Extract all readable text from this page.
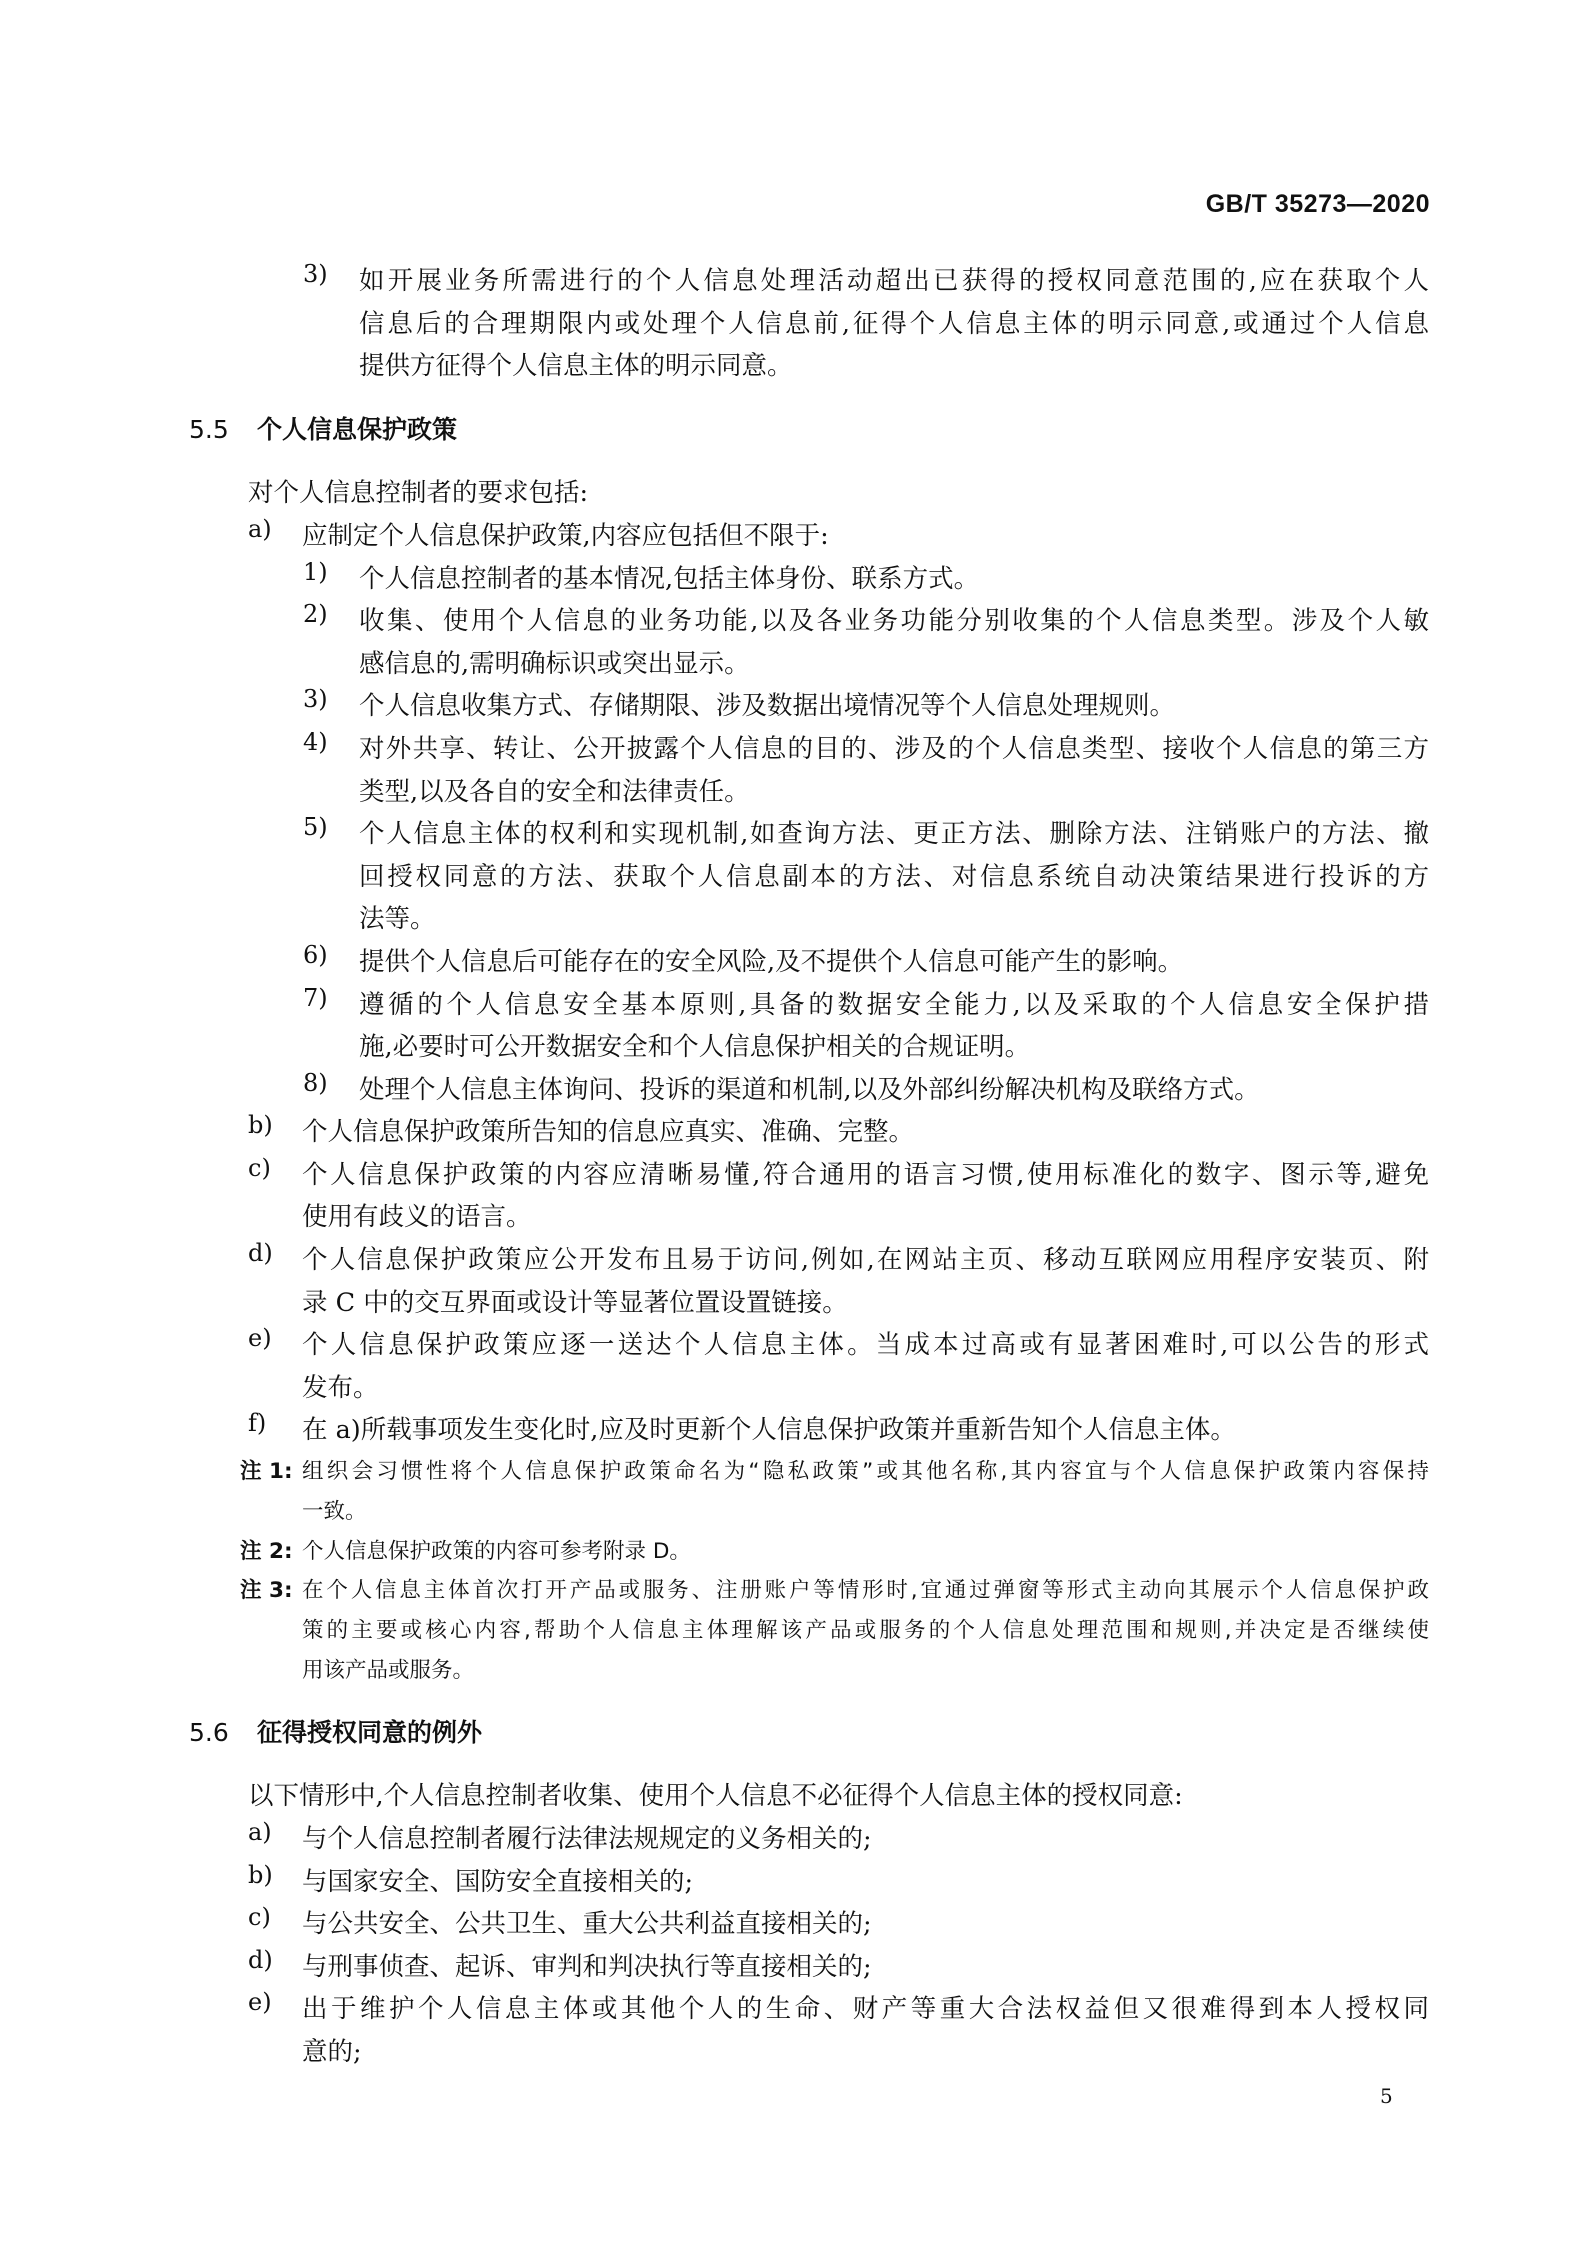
GB/T 35273—2020
3) 如开展业务所需进行的个人信息处理活动超出已获得的授权同意范围的,应在获取个人
信息后的合理期限内或处理个人信息前,征得个人信息主体的明示同意,或通过个人信息
提供方征得个人信息主体的明示同意。
5.5 个人信息保护政策
对个人信息控制者的要求包括:
a) 应制定个人信息保护政策,内容应包括但不限于:
1) 个人信息控制者的基本情况,包括主体身份、联系方式。
2) 收集、使用个人信息的业务功能,以及各业务功能分别收集的个人信息类型。涉及个人敏
感信息的,需明确标识或突出显示。
3) 个人信息收集方式、存储期限、涉及数据出境情况等个人信息处理规则。
4) 对外共享、转让、公开披露个人信息的目的、涉及的个人信息类型、接收个人信息的第三方
类型,以及各自的安全和法律责任。
5) 个人信息主体的权利和实现机制,如查询方法、更正方法、删除方法、注销账户的方法、撤
回授权同意的方法、获取个人信息副本的方法、对信息系统自动决策结果进行投诉的方
法等。
6) 提供个人信息后可能存在的安全风险,及不提供个人信息可能产生的影响。
7) 遵循的个人信息安全基本原则,具备的数据安全能力,以及采取的个人信息安全保护措
施,必要时可公开数据安全和个人信息保护相关的合规证明。
8) 处理个人信息主体询问、投诉的渠道和机制,以及外部纠纷解决机构及联络方式。
b) 个人信息保护政策所告知的信息应真实、准确、完整。
c) 个人信息保护政策的内容应清晰易懂,符合通用的语言习惯,使用标准化的数字、图示等,避免
使用有歧义的语言。
d) 个人信息保护政策应公开发布且易于访问,例如,在网站主页、移动互联网应用程序安装页、附
录 C 中的交互界面或设计等显著位置设置链接。
e) 个人信息保护政策应逐一送达个人信息主体。当成本过高或有显著困难时,可以公告的形式
发布。
f) 在 a)所载事项发生变化时,应及时更新个人信息保护政策并重新告知个人信息主体。
注 1: 组织会习惯性将个人信息保护政策命名为“隐私政策”或其他名称,其内容宜与个人信息保护政策内容保持
一致。
注 2: 个人信息保护政策的内容可参考附录 D。
注 3: 在个人信息主体首次打开产品或服务、注册账户等情形时,宜通过弹窗等形式主动向其展示个人信息保护政
策的主要或核心内容,帮助个人信息主体理解该产品或服务的个人信息处理范围和规则,并决定是否继续使
用该产品或服务。
5.6 征得授权同意的例外
以下情形中,个人信息控制者收集、使用个人信息不必征得个人信息主体的授权同意:
a) 与个人信息控制者履行法律法规规定的义务相关的;
b) 与国家安全、国防安全直接相关的;
c) 与公共安全、公共卫生、重大公共利益直接相关的;
d) 与刑事侦查、起诉、审判和判决执行等直接相关的;
e) 出于维护个人信息主体或其他个人的生命、财产等重大合法权益但又很难得到本人授权同
意的;
5
